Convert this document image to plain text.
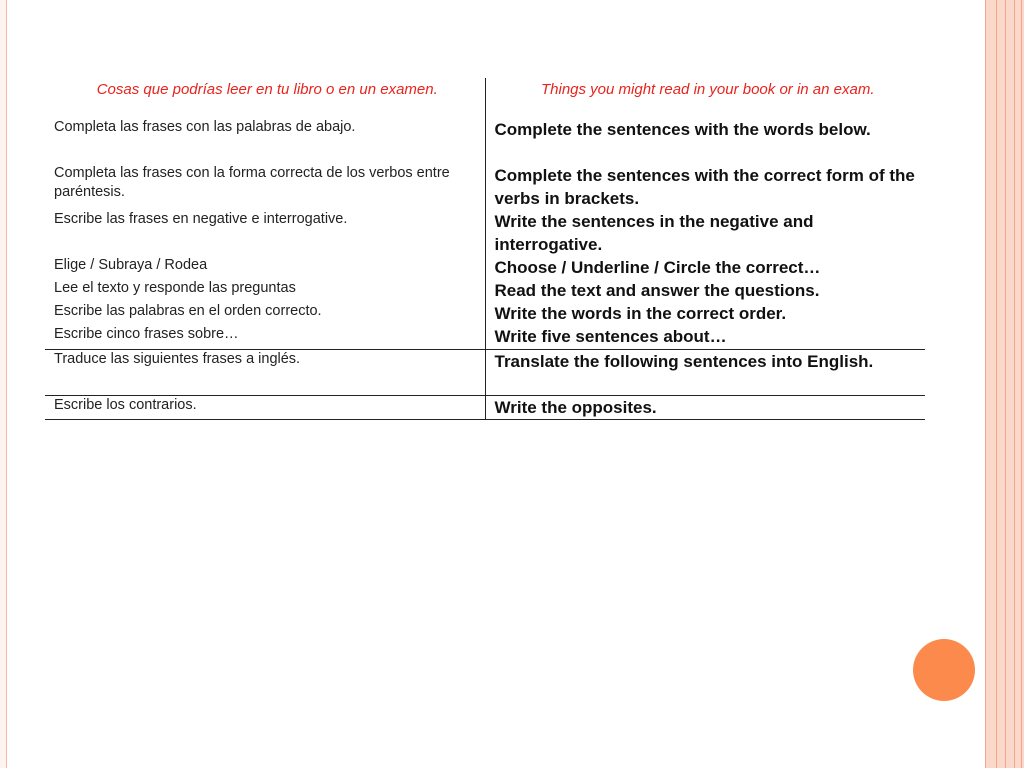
Cosas que podrías leer en tu libro o en un examen.	Things you might read in your book or in an exam.
Completa las frases con las palabras de abajo.	Complete the sentences with the words below.
Completa las frases con la forma correcta de los verbos entre paréntesis.	Complete the sentences with the correct form of the verbs in brackets.
Escribe las frases en negative e interrogative.	Write the sentences in the negative and interrogative.
Elige / Subraya / Rodea	Choose / Underline / Circle the correct…
Lee el texto y responde las preguntas	Read the text and answer the questions.
Escribe las palabras en el orden correcto.	Write the words in the correct order.
Escribe cinco frases sobre…	Write five sentences about…
Traduce las siguientes frases a inglés.	Translate the following sentences into English.
Escribe los contrarios.	Write the opposites.
